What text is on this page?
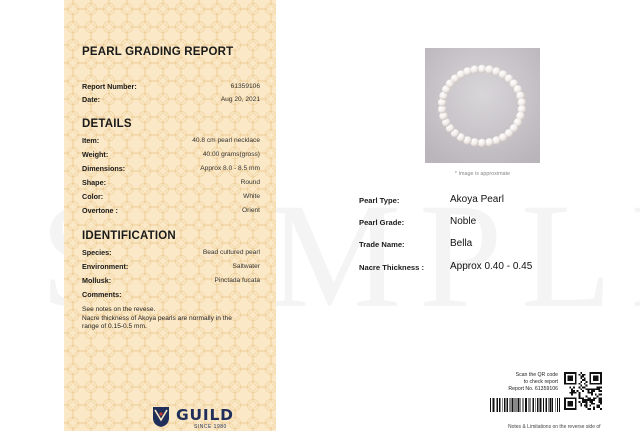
PEARL GRADING REPORT
Report Number:	61359106
Date:	Aug 20, 2021
DETAILS
Item:	40.8 cm pearl necklace
Weight:	40.00 grams(gross)
Dimensions:	Approx 8.0 - 8.5 mm
Shape:	Round
Color:	White
Overtone :	Orient
IDENTIFICATION
Species:	Bead cultured pearl
Environment:	Saltwater
Mollusk:	Pinctada fucata
Comments:
See notes on the revese.
Nacre thickness of Akoya pearls are normally in the
range of 0.15-0.5 mm.
GUILD
SINCE 1980
* Image is approximate
Pearl Type:	Akoya Pearl
Pearl Grade:	Noble
Trade Name:	Bella
Nacre Thickness :	Approx 0.40 - 0.45
Scan the QR code
to check report
Report No. 61359106
Notes & Limitations on the reverse side of
